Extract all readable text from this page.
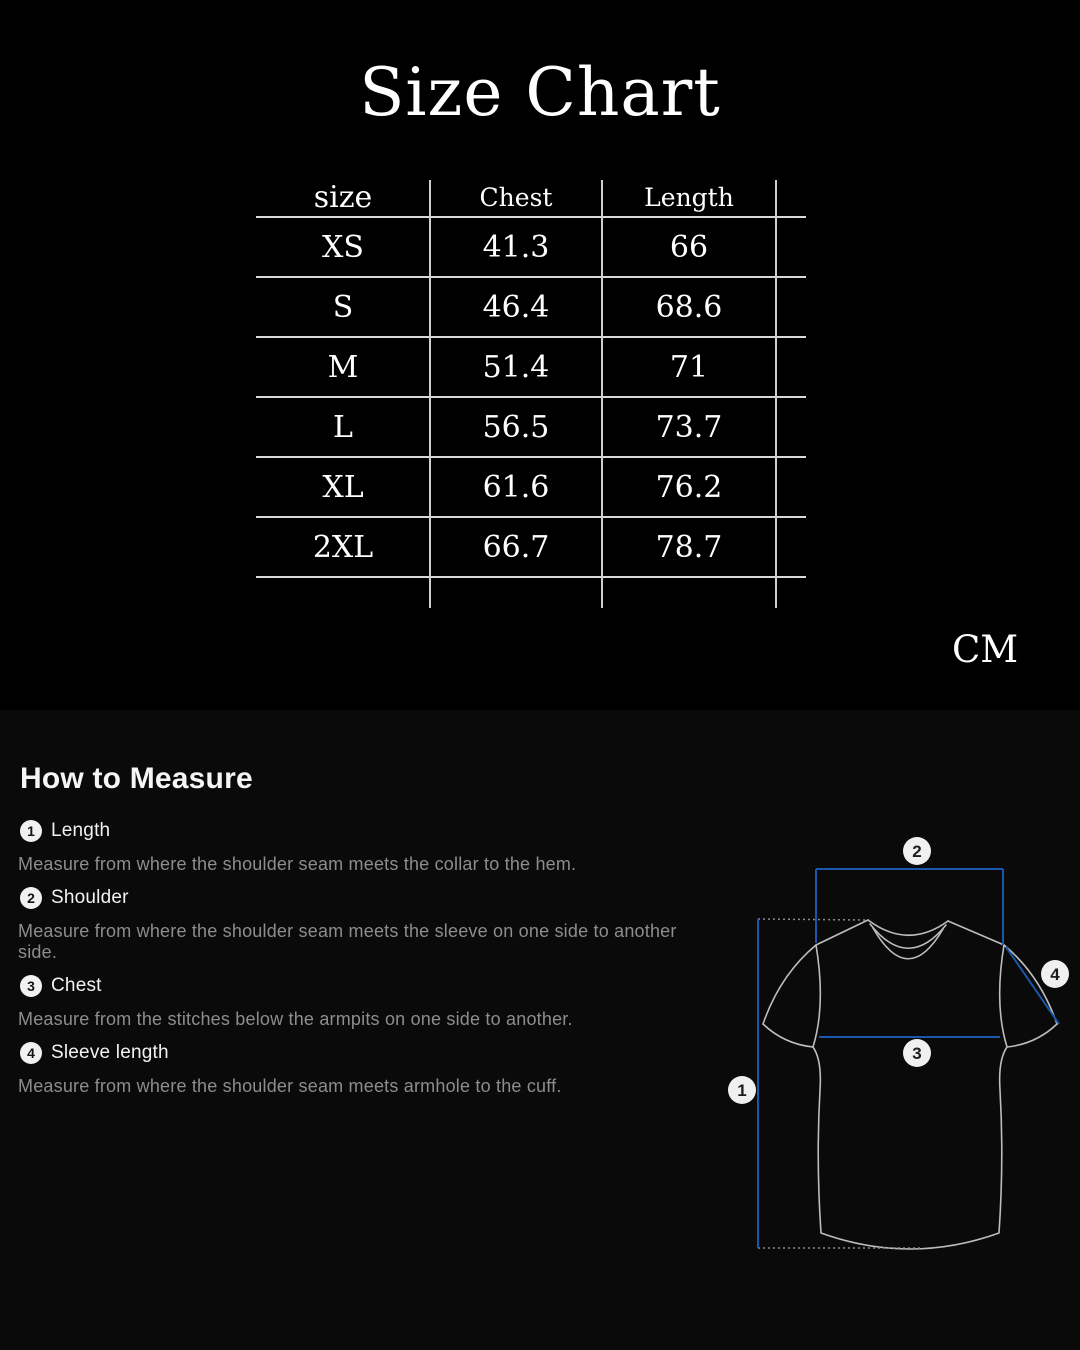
Size Chart
size	Chest	Length
XS	41.3	66
S	46.4	68.6
M	51.4	71
L	56.5	73.7
XL	61.6	76.2
2XL	66.7	78.7
CM
How to Measure
1 Length
Measure from where the shoulder seam meets the collar to the hem.
2 Shoulder
Measure from where the shoulder seam meets the sleeve on one side to another side.
3 Chest
Measure from the stitches below the armpits on one side to another.
4 Sleeve length
Measure from where the shoulder seam meets armhole to the cuff.	1
2
3
4
